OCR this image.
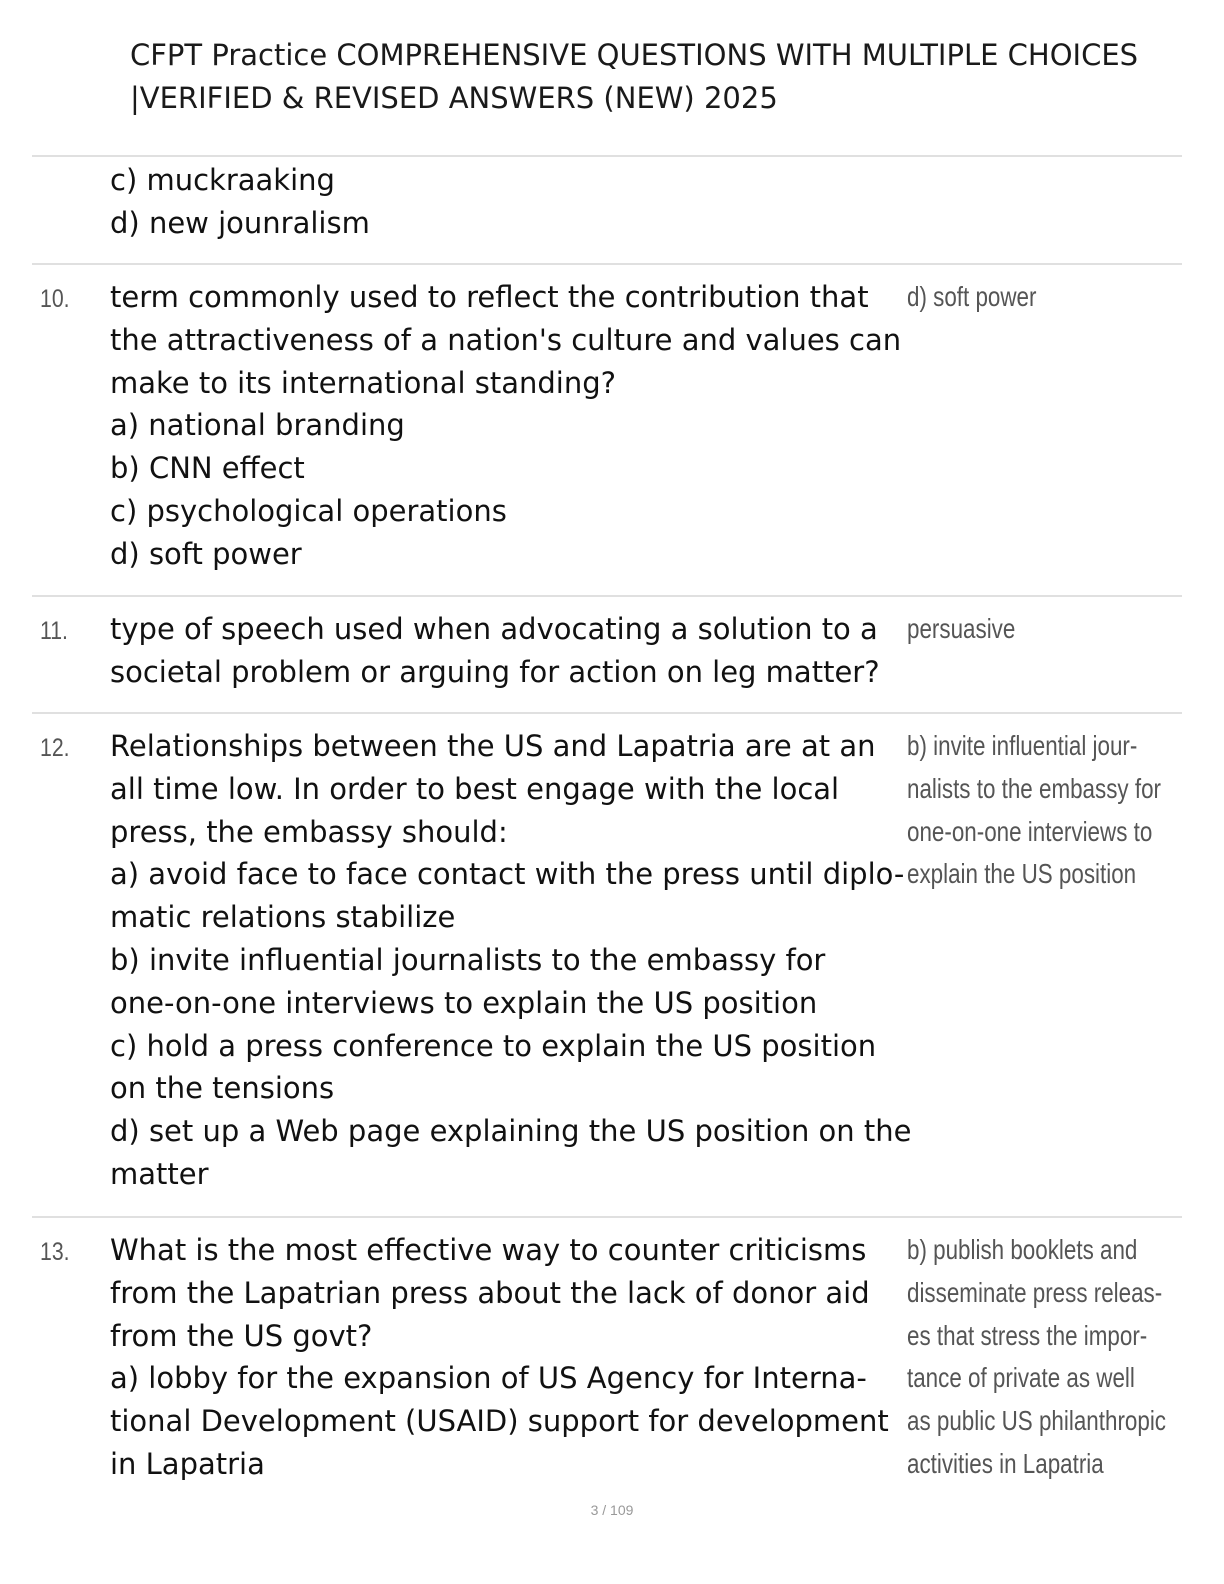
CFPT Practice COMPREHENSIVE QUESTIONS WITH MULTIPLE CHOICES
|VERIFIED & REVISED ANSWERS (NEW) 2025
c) muckraaking
d) new jounralism
10. term commonly used to reflect the contribution that
the attractiveness of a nation's culture and values can
make to its international standing?
a) national branding
b) CNN effect
c) psychological operations
d) soft power
d) soft power
11. type of speech used when advocating a solution to a
societal problem or arguing for action on leg matter?
persuasive
12. Relationships between the US and Lapatria are at an
all time low. In order to best engage with the local
press, the embassy should:
a) avoid face to face contact with the press until diplo-
matic relations stabilize
b) invite influential journalists to the embassy for
one-on-one interviews to explain the US position
c) hold a press conference to explain the US position
on the tensions
d) set up a Web page explaining the US position on the
matter
b) invite influential jour-
nalists to the embassy for
one-on-one interviews to
explain the US position
13. What is the most effective way to counter criticisms
from the Lapatrian press about the lack of donor aid
from the US govt?
a) lobby for the expansion of US Agency for Interna-
tional Development (USAID) support for development
in Lapatria
b) publish booklets and
disseminate press releas-
es that stress the impor-
tance of private as well
as public US philanthropic
activities in Lapatria
3 / 109
